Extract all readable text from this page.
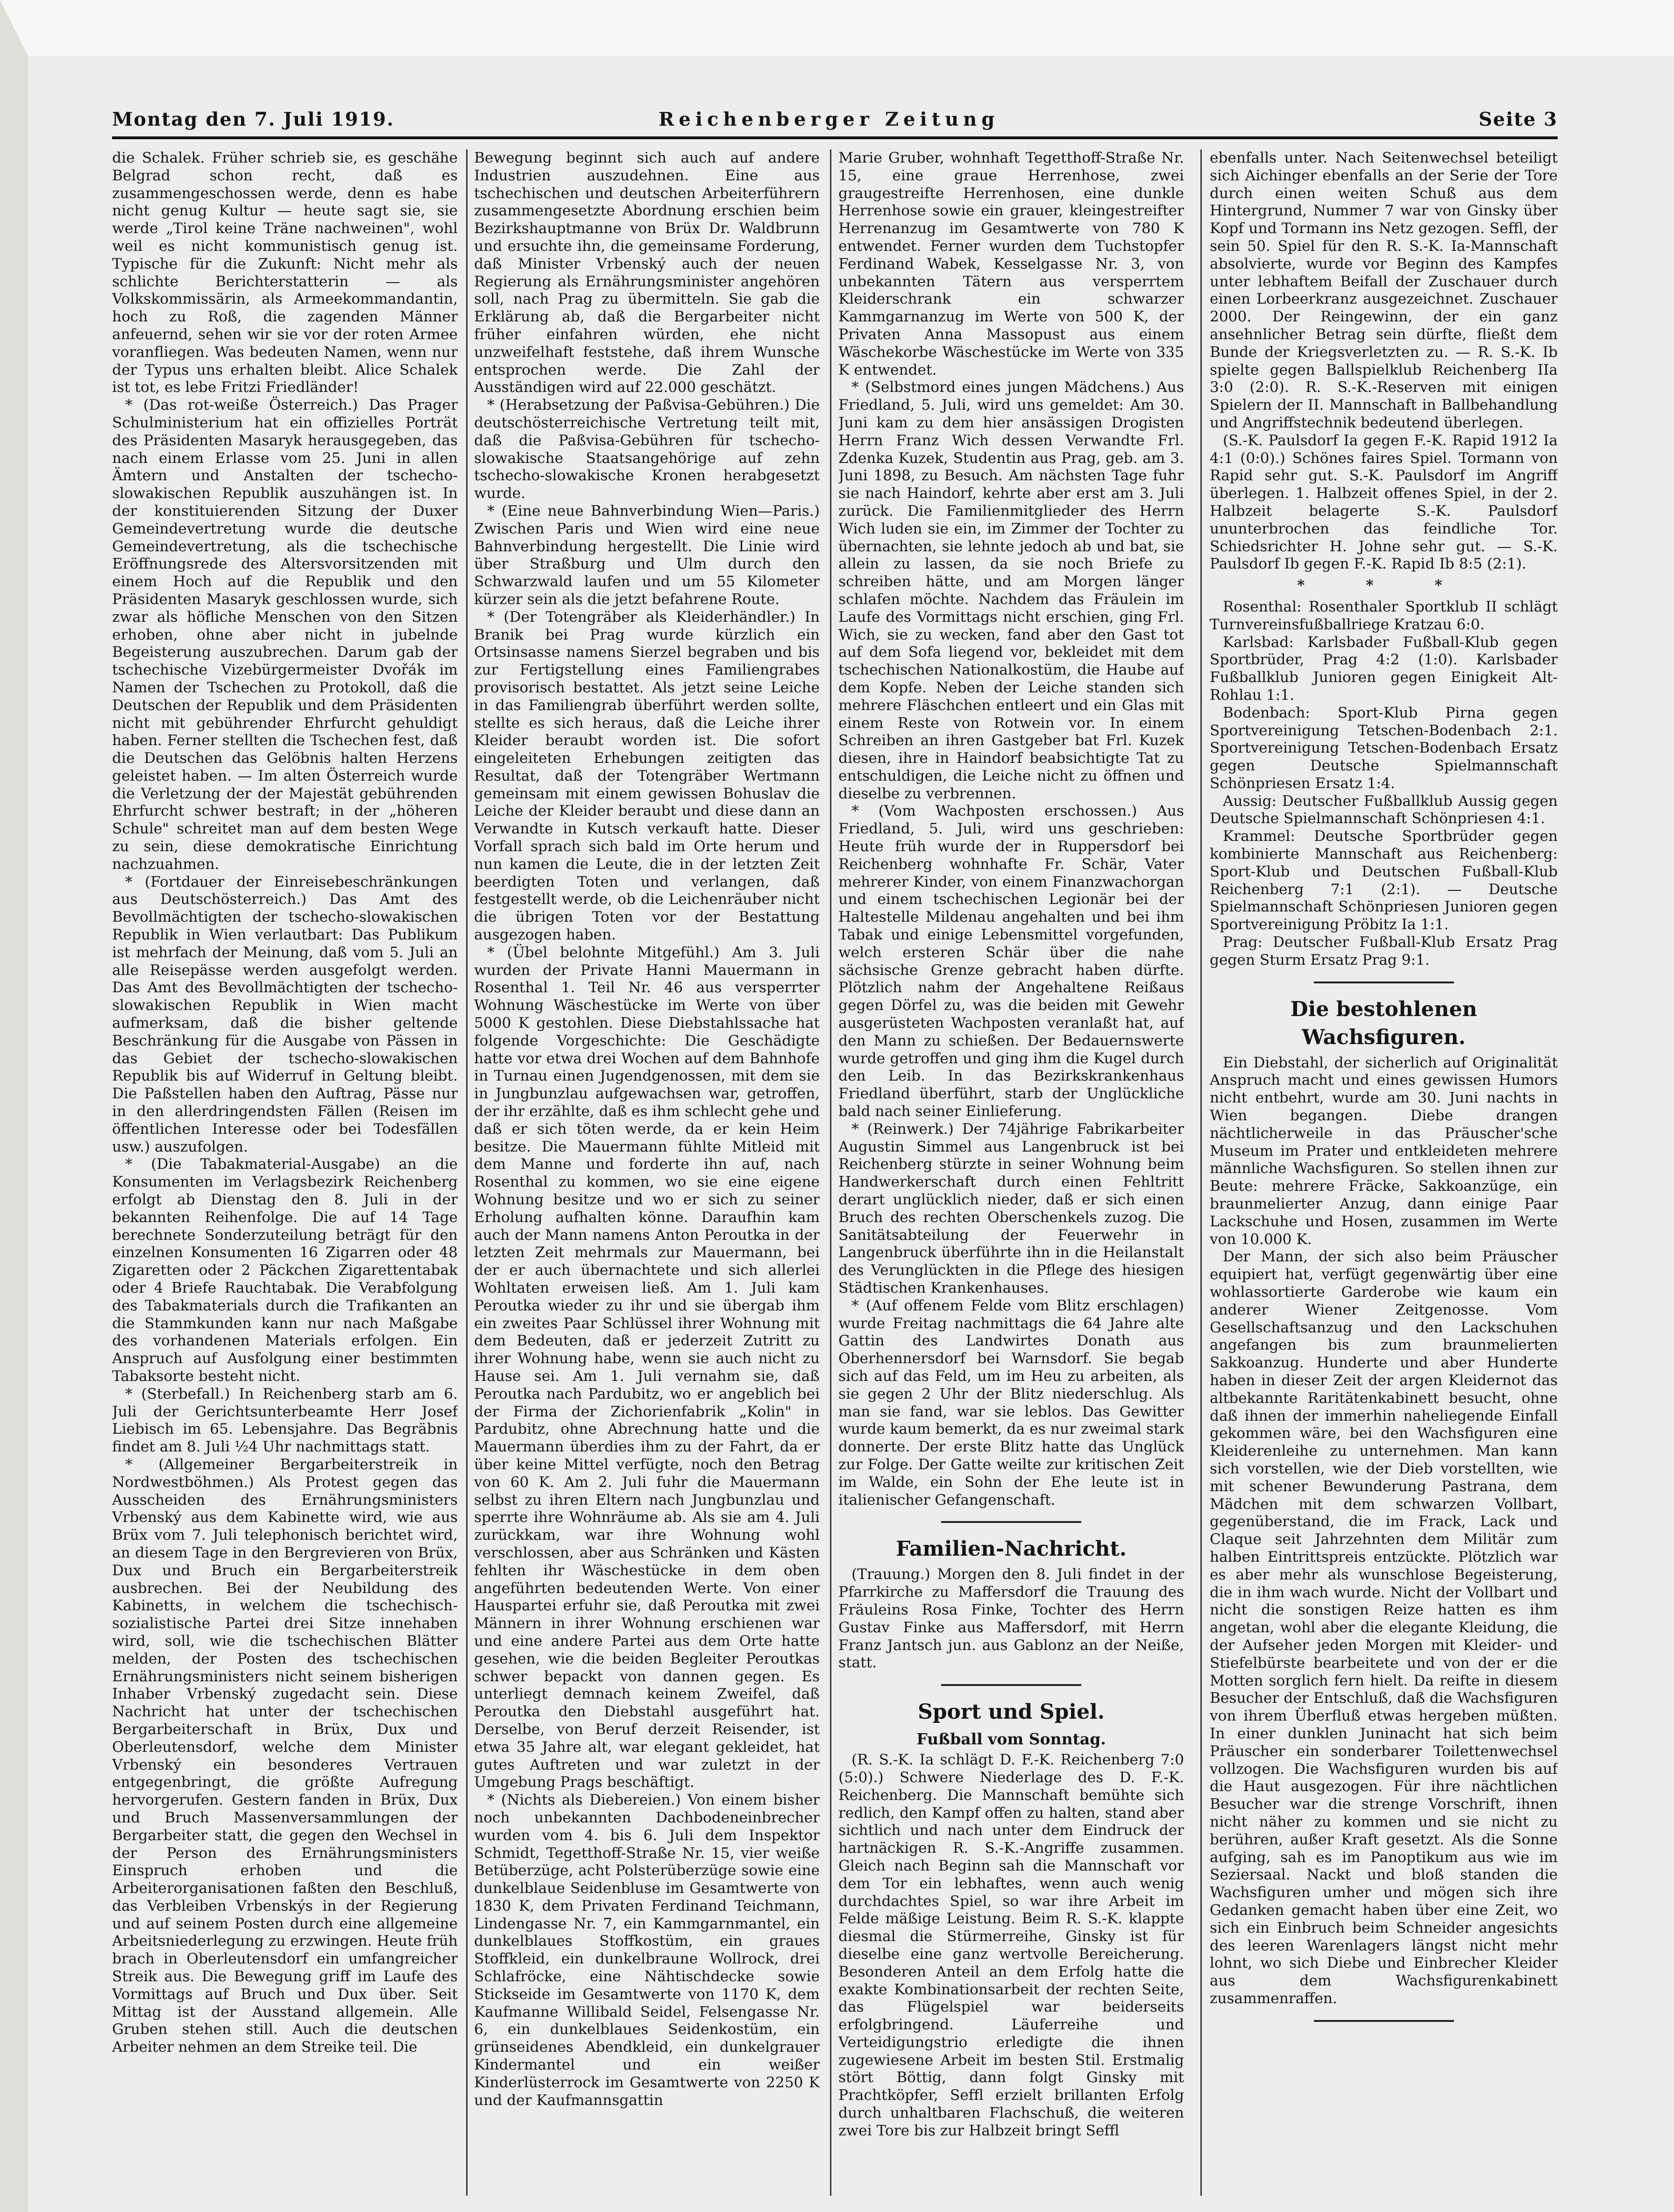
Montag den 7. Juli 1919.	Reichenberger Zeitung	Seite 3

die Schalek. Früher schrieb sie, es geschähe Belgrad schon recht, daß es zusammengeschossen werde, denn es habe nicht genug Kultur — heute sagt sie, sie werde „Tirol keine Träne nachweinen", wohl weil es nicht kommunistisch genug ist. Typische für die Zukunft: Nicht mehr als schlichte Berichterstatterin — als Volkskommissärin, als Armeekommandantin, hoch zu Roß, die zagenden Männer anfeuernd, sehen wir sie vor der roten Armee voranfliegen. Was bedeuten Namen, wenn nur der Typus uns erhalten bleibt. Alice Schalek ist tot, es lebe Fritzi Friedländer!

* (Das rot-weiße Österreich.) Das Prager Schulministerium hat ein offizielles Porträt des Präsidenten Masaryk herausgegeben, das nach einem Erlasse vom 25. Juni in allen Ämtern und Anstalten der tschecho-slowakischen Republik auszuhängen ist. In der konstituierenden Sitzung der Duxer Gemeindevertretung wurde die deutsche Gemeindevertretung, als die tschechische Eröffnungsrede des Altersvorsitzenden mit einem Hoch auf die Republik und den Präsidenten Masaryk geschlossen wurde, sich zwar als höfliche Menschen von den Sitzen erhoben, ohne aber nicht in jubelnde Begeisterung auszubrechen. Darum gab der tschechische Vizebürgermeister Dvořák im Namen der Tschechen zu Protokoll, daß die Deutschen der Republik und dem Präsidenten nicht mit gebührender Ehrfurcht gehuldigt haben. Ferner stellten die Tschechen fest, daß die Deutschen das Gelöbnis halten Herzens geleistet haben. — Im alten Österreich wurde die Verletzung der der Majestät gebührenden Ehrfurcht schwer bestraft; in der „höheren Schule" schreitet man auf dem besten Wege zu sein, diese demokratische Einrichtung nachzuahmen.

* (Fortdauer der Einreisebeschränkungen aus Deutschösterreich.) Das Amt des Bevollmächtigten der tschecho-slowakischen Republik in Wien verlautbart: Das Publikum ist mehrfach der Meinung, daß vom 5. Juli an alle Reisepässe werden ausgefolgt werden. Das Amt des Bevollmächtigten der tschecho-slowakischen Republik in Wien macht aufmerksam, daß die bisher geltende Beschränkung für die Ausgabe von Pässen in das Gebiet der tschecho-slowakischen Republik bis auf Widerruf in Geltung bleibt. Die Paßstellen haben den Auftrag, Pässe nur in den allerdringendsten Fällen (Reisen im öffentlichen Interesse oder bei Todesfällen usw.) auszufolgen.

* (Die Tabakmaterial-Ausgabe) an die Konsumenten im Verlagsbezirk Reichenberg erfolgt ab Dienstag den 8. Juli in der bekannten Reihenfolge. Die auf 14 Tage berechnete Sonderzuteilung beträgt für den einzelnen Konsumenten 16 Zigarren oder 48 Zigaretten oder 2 Päckchen Zigarettentabak oder 4 Briefe Rauchtabak. Die Verabfolgung des Tabakmaterials durch die Trafikanten an die Stammkunden kann nur nach Maßgabe des vorhandenen Materials erfolgen. Ein Anspruch auf Ausfolgung einer bestimmten Tabaksorte besteht nicht.

* (Sterbefall.) In Reichenberg starb am 6. Juli der Gerichtsunterbeamte Herr Josef Liebisch im 65. Lebensjahre. Das Begräbnis findet am 8. Juli ½4 Uhr nachmittags statt.

* (Allgemeiner Bergarbeiterstreik in Nordwestböhmen.) Als Protest gegen das Ausscheiden des Ernährungsministers Vrbenský aus dem Kabinette wird, wie aus Brüx vom 7. Juli telephonisch berichtet wird, an diesem Tage in den Bergrevieren von Brüx, Dux und Bruch ein Bergarbeiterstreik ausbrechen. Bei der Neubildung des Kabinetts, in welchem die tschechisch-sozialistische Partei drei Sitze innehaben wird, soll, wie die tschechischen Blätter melden, der Posten des tschechischen Ernährungsministers nicht seinem bisherigen Inhaber Vrbenský zugedacht sein. Diese Nachricht hat unter der tschechischen Bergarbeiterschaft in Brüx, Dux und Oberleutensdorf, welche dem Minister Vrbenský ein besonderes Vertrauen entgegenbringt, die größte Aufregung hervorgerufen. Gestern fanden in Brüx, Dux und Bruch Massenversammlungen der Bergarbeiter statt, die gegen den Wechsel in der Person des Ernährungsministers Einspruch erhoben und die Arbeiterorganisationen faßten den Beschluß, das Verbleiben Vrbenskýs in der Regierung und auf seinem Posten durch eine allgemeine Arbeitsniederlegung zu erzwingen. Heute früh brach in Oberleutensdorf ein umfangreicher Streik aus. Die Bewegung griff im Laufe des Vormittags auf Bruch und Dux über. Seit Mittag ist der Ausstand allgemein. Alle Gruben stehen still. Auch die deutschen Arbeiter nehmen an dem Streike teil. Die

Bewegung beginnt sich auch auf andere Industrien auszudehnen. Eine aus tschechischen und deutschen Arbeiterführern zusammengesetzte Abordnung erschien beim Bezirkshauptmanne von Brüx Dr. Waldbrunn und ersuchte ihn, die gemeinsame Forderung, daß Minister Vrbenský auch der neuen Regierung als Ernährungsminister angehören soll, nach Prag zu übermitteln. Sie gab die Erklärung ab, daß die Bergarbeiter nicht früher einfahren würden, ehe nicht unzweifelhaft feststehe, daß ihrem Wunsche entsprochen werde. Die Zahl der Ausständigen wird auf 22.000 geschätzt.

* (Herabsetzung der Paßvisa-Gebühren.) Die deutschösterreichische Vertretung teilt mit, daß die Paßvisa-Gebühren für tschecho-slowakische Staatsangehörige auf zehn tschecho-slowakische Kronen herabgesetzt wurde.

* (Eine neue Bahnverbindung Wien—Paris.) Zwischen Paris und Wien wird eine neue Bahnverbindung hergestellt. Die Linie wird über Straßburg und Ulm durch den Schwarzwald laufen und um 55 Kilometer kürzer sein als die jetzt befahrene Route.

* (Der Totengräber als Kleiderhändler.) In Branik bei Prag wurde kürzlich ein Ortsinsasse namens Sierzel begraben und bis zur Fertigstellung eines Familiengrabes provisorisch bestattet. Als jetzt seine Leiche in das Familiengrab überführt werden sollte, stellte es sich heraus, daß die Leiche ihrer Kleider beraubt worden ist. Die sofort eingeleiteten Erhebungen zeitigten das Resultat, daß der Totengräber Wertmann gemeinsam mit einem gewissen Bohuslav die Leiche der Kleider beraubt und diese dann an Verwandte in Kutsch verkauft hatte. Dieser Vorfall sprach sich bald im Orte herum und nun kamen die Leute, die in der letzten Zeit beerdigten Toten und verlangen, daß festgestellt werde, ob die Leichenräuber nicht die übrigen Toten vor der Bestattung ausgezogen haben.

* (Übel belohnte Mitgefühl.) Am 3. Juli wurden der Private Hanni Mauermann in Rosenthal 1. Teil Nr. 46 aus versperrter Wohnung Wäschestücke im Werte von über 5000 K gestohlen. Diese Diebstahlssache hat folgende Vorgeschichte: Die Geschädigte hatte vor etwa drei Wochen auf dem Bahnhofe in Turnau einen Jugendgenossen, mit dem sie in Jungbunzlau aufgewachsen war, getroffen, der ihr erzählte, daß es ihm schlecht gehe und daß er sich töten werde, da er kein Heim besitze. Die Mauermann fühlte Mitleid mit dem Manne und forderte ihn auf, nach Rosenthal zu kommen, wo sie eine eigene Wohnung besitze und wo er sich zu seiner Erholung aufhalten könne. Daraufhin kam auch der Mann namens Anton Peroutka in der letzten Zeit mehrmals zur Mauermann, bei der er auch übernachtete und sich allerlei Wohltaten erweisen ließ. Am 1. Juli kam Peroutka wieder zu ihr und sie übergab ihm ein zweites Paar Schlüssel ihrer Wohnung mit dem Bedeuten, daß er jederzeit Zutritt zu ihrer Wohnung habe, wenn sie auch nicht zu Hause sei. Am 1. Juli vernahm sie, daß Peroutka nach Pardubitz, wo er angeblich bei der Firma der Zichorienfabrik „Kolin" in Pardubitz, ohne Abrechnung hatte und die Mauermann überdies ihm zu der Fahrt, da er über keine Mittel verfügte, noch den Betrag von 60 K. Am 2. Juli fuhr die Mauermann selbst zu ihren Eltern nach Jungbunzlau und sperrte ihre Wohnräume ab. Als sie am 4. Juli zurückkam, war ihre Wohnung wohl verschlossen, aber aus Schränken und Kästen fehlten ihr Wäschestücke in dem oben angeführten bedeutenden Werte. Von einer Hauspartei erfuhr sie, daß Peroutka mit zwei Männern in ihrer Wohnung erschienen war und eine andere Partei aus dem Orte hatte gesehen, wie die beiden Begleiter Peroutkas schwer bepackt von dannen gegen. Es unterliegt demnach keinem Zweifel, daß Peroutka den Diebstahl ausgeführt hat. Derselbe, von Beruf derzeit Reisender, ist etwa 35 Jahre alt, war elegant gekleidet, hat gutes Auftreten und war zuletzt in der Umgebung Prags beschäftigt.

* (Nichts als Diebereien.) Von einem bisher noch unbekannten Dachbodeneinbrecher wurden vom 4. bis 6. Juli dem Inspektor Schmidt, Tegetthoff-Straße Nr. 15, vier weiße Betüberzüge, acht Polsterüberzüge sowie eine dunkelblaue Seidenbluse im Gesamtwerte von 1830 K, dem Privaten Ferdinand Teichmann, Lindengasse Nr. 7, ein Kammgarnmantel, ein dunkelblaues Stoffkostüm, ein graues Stoffkleid, ein dunkelbraune Wollrock, drei Schlafröcke, eine Nähtischdecke sowie Stickseide im Gesamtwerte von 1170 K, dem Kaufmanne Willibald Seidel, Felsengasse Nr. 6, ein dunkelblaues Seidenkostüm, ein grünseidenes Abendkleid, ein dunkelgrauer Kindermantel und ein weißer Kinderlüsterrock im Gesamtwerte von 2250 K und der Kaufmannsgattin

Marie Gruber, wohnhaft Tegetthoff-Straße Nr. 15, eine graue Herrenhose, zwei graugestreifte Herrenhosen, eine dunkle Herrenhose sowie ein grauer, kleingestreifter Herrenanzug im Gesamtwerte von 780 K entwendet. Ferner wurden dem Tuchstopfer Ferdinand Wabek, Kesselgasse Nr. 3, von unbekannten Tätern aus versperrtem Kleiderschrank ein schwarzer Kammgarnanzug im Werte von 500 K, der Privaten Anna Massopust aus einem Wäschekorbe Wäschestücke im Werte von 335 K entwendet.

* (Selbstmord eines jungen Mädchens.) Aus Friedland, 5. Juli, wird uns gemeldet: Am 30. Juni kam zu dem hier ansässigen Drogisten Herrn Franz Wich dessen Verwandte Frl. Zdenka Kuzek, Studentin aus Prag, geb. am 3. Juni 1898, zu Besuch. Am nächsten Tage fuhr sie nach Haindorf, kehrte aber erst am 3. Juli zurück. Die Familienmitglieder des Herrn Wich luden sie ein, im Zimmer der Tochter zu übernachten, sie lehnte jedoch ab und bat, sie allein zu lassen, da sie noch Briefe zu schreiben hätte, und am Morgen länger schlafen möchte. Nachdem das Fräulein im Laufe des Vormittags nicht erschien, ging Frl. Wich, sie zu wecken, fand aber den Gast tot auf dem Sofa liegend vor, bekleidet mit dem tschechischen Nationalkostüm, die Haube auf dem Kopfe. Neben der Leiche standen sich mehrere Fläschchen entleert und ein Glas mit einem Reste von Rotwein vor. In einem Schreiben an ihren Gastgeber bat Frl. Kuzek diesen, ihre in Haindorf beabsichtigte Tat zu entschuldigen, die Leiche nicht zu öffnen und dieselbe zu verbrennen.

* (Vom Wachposten erschossen.) Aus Friedland, 5. Juli, wird uns geschrieben: Heute früh wurde der in Ruppersdorf bei Reichenberg wohnhafte Fr. Schär, Vater mehrerer Kinder, von einem Finanzwachorgan und einem tschechischen Legionär bei der Haltestelle Mildenau angehalten und bei ihm Tabak und einige Lebensmittel vorgefunden, welch ersteren Schär über die nahe sächsische Grenze gebracht haben dürfte. Plötzlich nahm der Angehaltene Reißaus gegen Dörfel zu, was die beiden mit Gewehr ausgerüsteten Wachposten veranlaßt hat, auf den Mann zu schießen. Der Bedauernswerte wurde getroffen und ging ihm die Kugel durch den Leib. In das Bezirkskrankenhaus Friedland überführt, starb der Unglückliche bald nach seiner Einlieferung.

* (Reinwerk.) Der 74jährige Fabrikarbeiter Augustin Simmel aus Langenbruck ist bei Reichenberg stürzte in seiner Wohnung beim Handwerkerschaft durch einen Fehltritt derart unglücklich nieder, daß er sich einen Bruch des rechten Oberschenkels zuzog. Die Sanitätsabteilung der Feuerwehr in Langenbruck überführte ihn in die Heilanstalt des Verunglückten in die Pflege des hiesigen Städtischen Krankenhauses.

* (Auf offenem Felde vom Blitz erschlagen) wurde Freitag nachmittags die 64 Jahre alte Gattin des Landwirtes Donath aus Oberhennersdorf bei Warnsdorf. Sie begab sich auf das Feld, um im Heu zu arbeiten, als sie gegen 2 Uhr der Blitz niederschlug. Als man sie fand, war sie leblos. Das Gewitter wurde kaum bemerkt, da es nur zweimal stark donnerte. Der erste Blitz hatte das Unglück zur Folge. Der Gatte weilte zur kritischen Zeit im Walde, ein Sohn der Ehe leute ist in italienischer Gefangenschaft.

Familien-Nachricht.

(Trauung.) Morgen den 8. Juli findet in der Pfarrkirche zu Maffersdorf die Trauung des Fräuleins Rosa Finke, Tochter des Herrn Gustav Finke aus Maffersdorf, mit Herrn Franz Jantsch jun. aus Gablonz an der Neiße, statt.

Sport und Spiel.
Fußball vom Sonntag.

(R. S.-K. Ia schlägt D. F.-K. Reichenberg 7:0 (5:0).) Schwere Niederlage des D. F.-K. Reichenberg. Die Mannschaft bemühte sich redlich, den Kampf offen zu halten, stand aber sichtlich und nach unter dem Eindruck der hartnäckigen R. S.-K.-Angriffe zusammen. Gleich nach Beginn sah die Mannschaft vor dem Tor ein lebhaftes, wenn auch wenig durchdachtes Spiel, so war ihre Arbeit im Felde mäßige Leistung. Beim R. S.-K. klappte diesmal die Stürmerreihe, Ginsky ist für dieselbe eine ganz wertvolle Bereicherung. Besonderen Anteil an dem Erfolg hatte die exakte Kombinationsarbeit der rechten Seite, das Flügelspiel war beiderseits erfolgbringend. Läuferreihe und Verteidigungstrio erledigte die ihnen zugewiesene Arbeit im besten Stil. Erstmalig stört Böttig, dann folgt Ginsky mit Prachtköpfer, Seffl erzielt brillanten Erfolg durch unhaltbaren Flachschuß, die weiteren zwei Tore bis zur Halbzeit bringt Seffl

ebenfalls unter. Nach Seitenwechsel beteiligt sich Aichinger ebenfalls an der Serie der Tore durch einen weiten Schuß aus dem Hintergrund, Nummer 7 war von Ginsky über Kopf und Tormann ins Netz gezogen. Seffl, der sein 50. Spiel für den R. S.-K. Ia-Mannschaft absolvierte, wurde vor Beginn des Kampfes unter lebhaftem Beifall der Zuschauer durch einen Lorbeerkranz ausgezeichnet. Zuschauer 2000. Der Reingewinn, der ein ganz ansehnlicher Betrag sein dürfte, fließt dem Bunde der Kriegsverletzten zu. — R. S.-K. Ib spielte gegen Ballspielklub Reichenberg IIa 3:0 (2:0). R. S.-K.-Reserven mit einigen Spielern der II. Mannschaft in Ballbehandlung und Angriffstechnik bedeutend überlegen.

(S.-K. Paulsdorf Ia gegen F.-K. Rapid 1912 Ia 4:1 (0:0).) Schönes faires Spiel. Tormann von Rapid sehr gut. S.-K. Paulsdorf im Angriff überlegen. 1. Halbzeit offenes Spiel, in der 2. Halbzeit belagerte S.-K. Paulsdorf ununterbrochen das feindliche Tor. Schiedsrichter H. Johne sehr gut. — S.-K. Paulsdorf Ib gegen F.-K. Rapid Ib 8:5 (2:1).

* * *

Rosenthal: Rosenthaler Sportklub II schlägt Turnvereinsfußballriege Kratzau 6:0.

Karlsbad: Karlsbader Fußball-Klub gegen Sportbrüder, Prag 4:2 (1:0). Karlsbader Fußballklub Junioren gegen Einigkeit Alt-Rohlau 1:1.

Bodenbach: Sport-Klub Pirna gegen Sportvereinigung Tetschen-Bodenbach 2:1. Sportvereinigung Tetschen-Bodenbach Ersatz gegen Deutsche Spielmannschaft Schönpriesen Ersatz 1:4.

Aussig: Deutscher Fußballklub Aussig gegen Deutsche Spielmannschaft Schönpriesen 4:1.

Krammel: Deutsche Sportbrüder gegen kombinierte Mannschaft aus Reichenberg: Sport-Klub und Deutschen Fußball-Klub Reichenberg 7:1 (2:1). — Deutsche Spielmannschaft Schönpriesen Junioren gegen Sportvereinigung Pröbitz Ia 1:1.

Prag: Deutscher Fußball-Klub Ersatz Prag gegen Sturm Ersatz Prag 9:1.

Die bestohlenen Wachsfiguren.

Ein Diebstahl, der sicherlich auf Originalität Anspruch macht und eines gewissen Humors nicht entbehrt, wurde am 30. Juni nachts in Wien begangen. Diebe drangen nächtlicherweile in das Präuscher'sche Museum im Prater und entkleideten mehrere männliche Wachsfiguren. So stellen ihnen zur Beute: mehrere Fräcke, Sakkoanzüge, ein braunmelierter Anzug, dann einige Paar Lackschuhe und Hosen, zusammen im Werte von 10.000 K.

Der Mann, der sich also beim Präuscher equipiert hat, verfügt gegenwärtig über eine wohlassortierte Garderobe wie kaum ein anderer Wiener Zeitgenosse. Vom Gesellschaftsanzug und den Lackschuhen angefangen bis zum braunmelierten Sakkoanzug. Hunderte und aber Hunderte haben in dieser Zeit der argen Kleidernot das altbekannte Raritätenkabinett besucht, ohne daß ihnen der immerhin naheliegende Einfall gekommen wäre, bei den Wachsfiguren eine Kleiderenleihe zu unternehmen. Man kann sich vorstellen, wie der Dieb vorstellten, wie mit schener Bewunderung Pastrana, dem Mädchen mit dem schwarzen Vollbart, gegenüberstand, die im Frack, Lack und Claque seit Jahrzehnten dem Militär zum halben Eintrittspreis entzückte. Plötzlich war es aber mehr als wunschlose Begeisterung, die in ihm wach wurde. Nicht der Vollbart und nicht die sonstigen Reize hatten es ihm angetan, wohl aber die elegante Kleidung, die der Aufseher jeden Morgen mit Kleider- und Stiefelbürste bearbeitete und von der er die Motten sorglich fern hielt. Da reifte in diesem Besucher der Entschluß, daß die Wachsfiguren von ihrem Überfluß etwas hergeben müßten. In einer dunklen Juninacht hat sich beim Präuscher ein sonderbarer Toilettenwechsel vollzogen. Die Wachsfiguren wurden bis auf die Haut ausgezogen. Für ihre nächtlichen Besucher war die strenge Vorschrift, ihnen nicht näher zu kommen und sie nicht zu berühren, außer Kraft gesetzt. Als die Sonne aufging, sah es im Panoptikum aus wie im Seziersaal. Nackt und bloß standen die Wachsfiguren umher und mögen sich ihre Gedanken gemacht haben über eine Zeit, wo sich ein Einbruch beim Schneider angesichts des leeren Warenlagers längst nicht mehr lohnt, wo sich Diebe und Einbrecher Kleider aus dem Wachsfigurenkabinett zusammenraffen.
